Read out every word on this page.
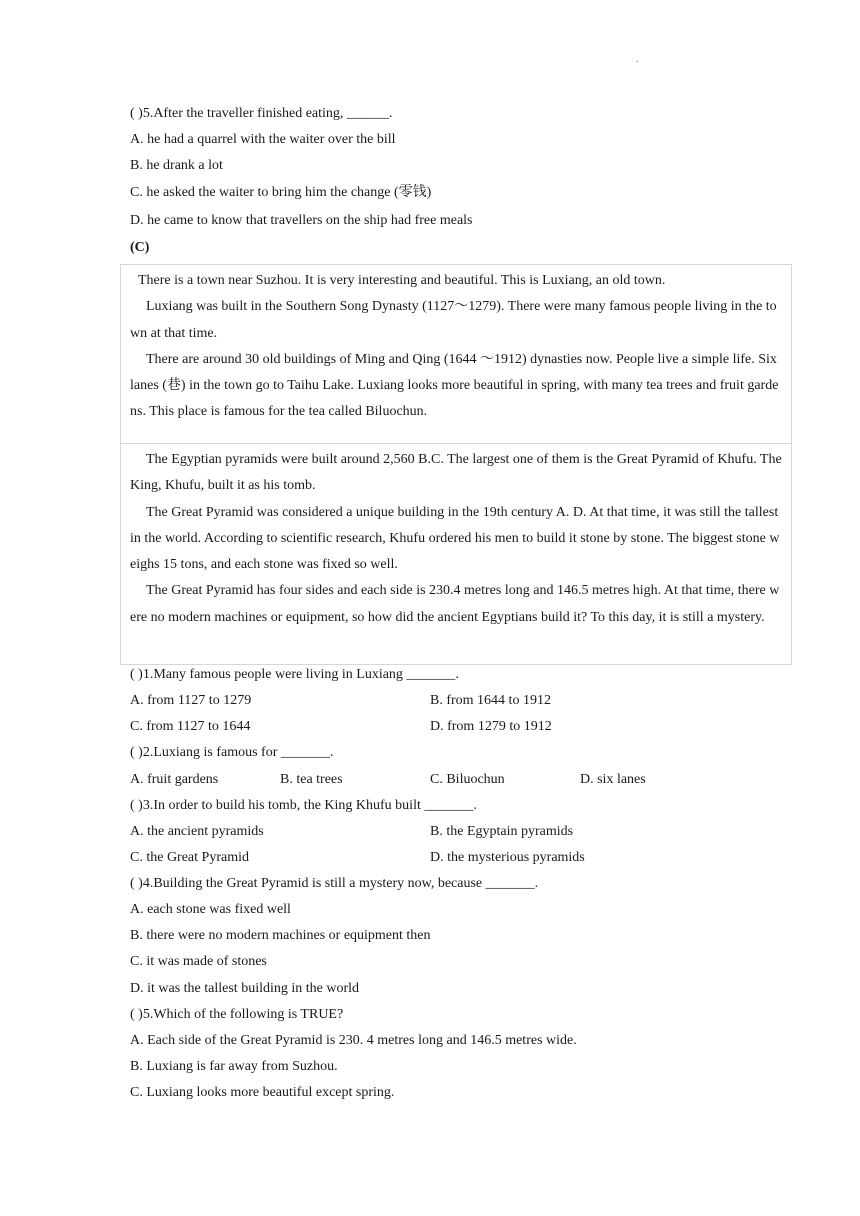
.
( )5.After the traveller finished eating, ______.
A. he had a quarrel with the waiter over the bill
B. he drank a lot
C. he asked the waiter to bring him the change (零钱)
D. he came to know that travellers on the ship had free meals
(C)

There is a town near Suzhou. It is very interesting and beautiful. This is Luxiang, an old town.

Luxiang was built in the Southern Song Dynasty (1127～1279). There were many famous people living in the town at that time.

There are around 30 old buildings of Ming and Qing (1644 ～1912) dynasties now. People live a simple life. Six lanes (巷) in the town go to Taihu Lake. Luxiang looks more beautiful in spring, with many tea trees and fruit gardens. This place is famous for the tea called Biluochun.

The Egyptian pyramids were built around 2,560 B.C. The largest one of them is the Great Pyramid of Khufu. The King, Khufu, built it as his tomb.

The Great Pyramid was considered a unique building in the 19th century A. D. At that time, it was still the tallest in the world. According to scientific research, Khufu ordered his men to build it stone by stone. The biggest stone weighs 15 tons, and each stone was fixed so well.

The Great Pyramid has four sides and each side is 230.4 metres long and 146.5 metres high. At that time, there were no modern machines or equipment, so how did the ancient Egyptians build it? To this day, it is still a mystery.

( )1.Many famous people were living in Luxiang _______.
A. from 1127 to 1279	B. from 1644 to 1912
C. from 1127 to 1644	D. from 1279 to 1912
( )2.Luxiang is famous for _______.
A. fruit gardens	B. tea trees	C. Biluochun	D. six lanes
( )3.In order to build his tomb, the King Khufu built _______.
A. the ancient pyramids	B. the Egyptain pyramids
C. the Great Pyramid	D. the mysterious pyramids
( )4.Building the Great Pyramid is still a mystery now, because _______.
A. each stone was fixed well
B. there were no modern machines or equipment then
C. it was made of stones
D. it was the tallest building in the world
( )5.Which of the following is TRUE?
A. Each side of the Great Pyramid is 230. 4 metres long and 146.5 metres wide.
B. Luxiang is far away from Suzhou.
C. Luxiang looks more beautiful except spring.
